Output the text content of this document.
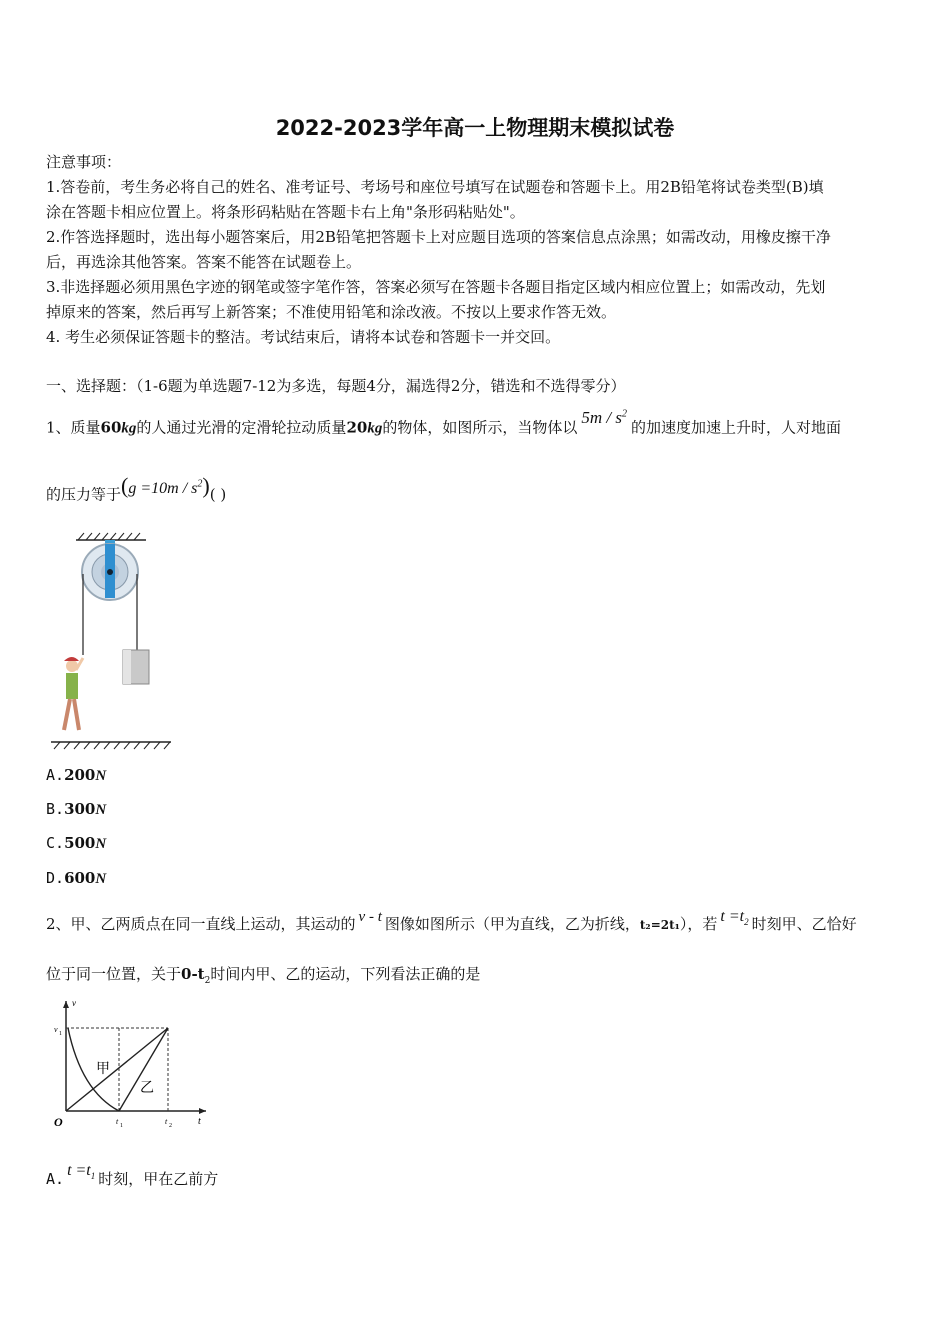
2022-2023学年高一上物理期末模拟试卷
注意事项：
1.答卷前，考生务必将自己的姓名、准考证号、考场号和座位号填写在试题卷和答题卡上。用2B铅笔将试卷类型(B)填
涂在答题卡相应位置上。将条形码粘贴在答题卡右上角"条形码粘贴处"。
2.作答选择题时，选出每小题答案后，用2B铅笔把答题卡上对应题目选项的答案信息点涂黑；如需改动，用橡皮擦干净
后，再选涂其他答案。答案不能答在试题卷上。
3.非选择题必须用黑色字迹的钢笔或签字笔作答，答案必须写在答题卡各题目指定区域内相应位置上；如需改动，先划
掉原来的答案，然后再写上新答案；不准使用铅笔和涂改液。不按以上要求作答无效。
4. 考生必须保证答题卡的整洁。考试结束后，请将本试卷和答题卡一并交回。
一、选择题：（1-6题为单选题7-12为多选，每题4分，漏选得2分，错选和不选得零分）
1、质量60kg的人通过光滑的定滑轮拉动质量20kg的物体，如图所示，当物体以$5m / s^2$的加速度加速上升时，人对地面
的压力等于$(g =10m / s^2)$( )
A.200N
B.300N
C.500N
D.600N
2、甲、乙两质点在同一直线上运动，其运动的 v - t 图像如图所示（甲为直线，乙为折线，t₂=2t₁），若 $t =t_2$ 时刻甲、乙恰好
位于同一位置，关于$0-t_2$时间内甲、乙的运动，下列看法正确的是
v
t
O
v 1
t 1	t 2
甲
乙
A. $t =t_1$ 时刻，甲在乙前方
